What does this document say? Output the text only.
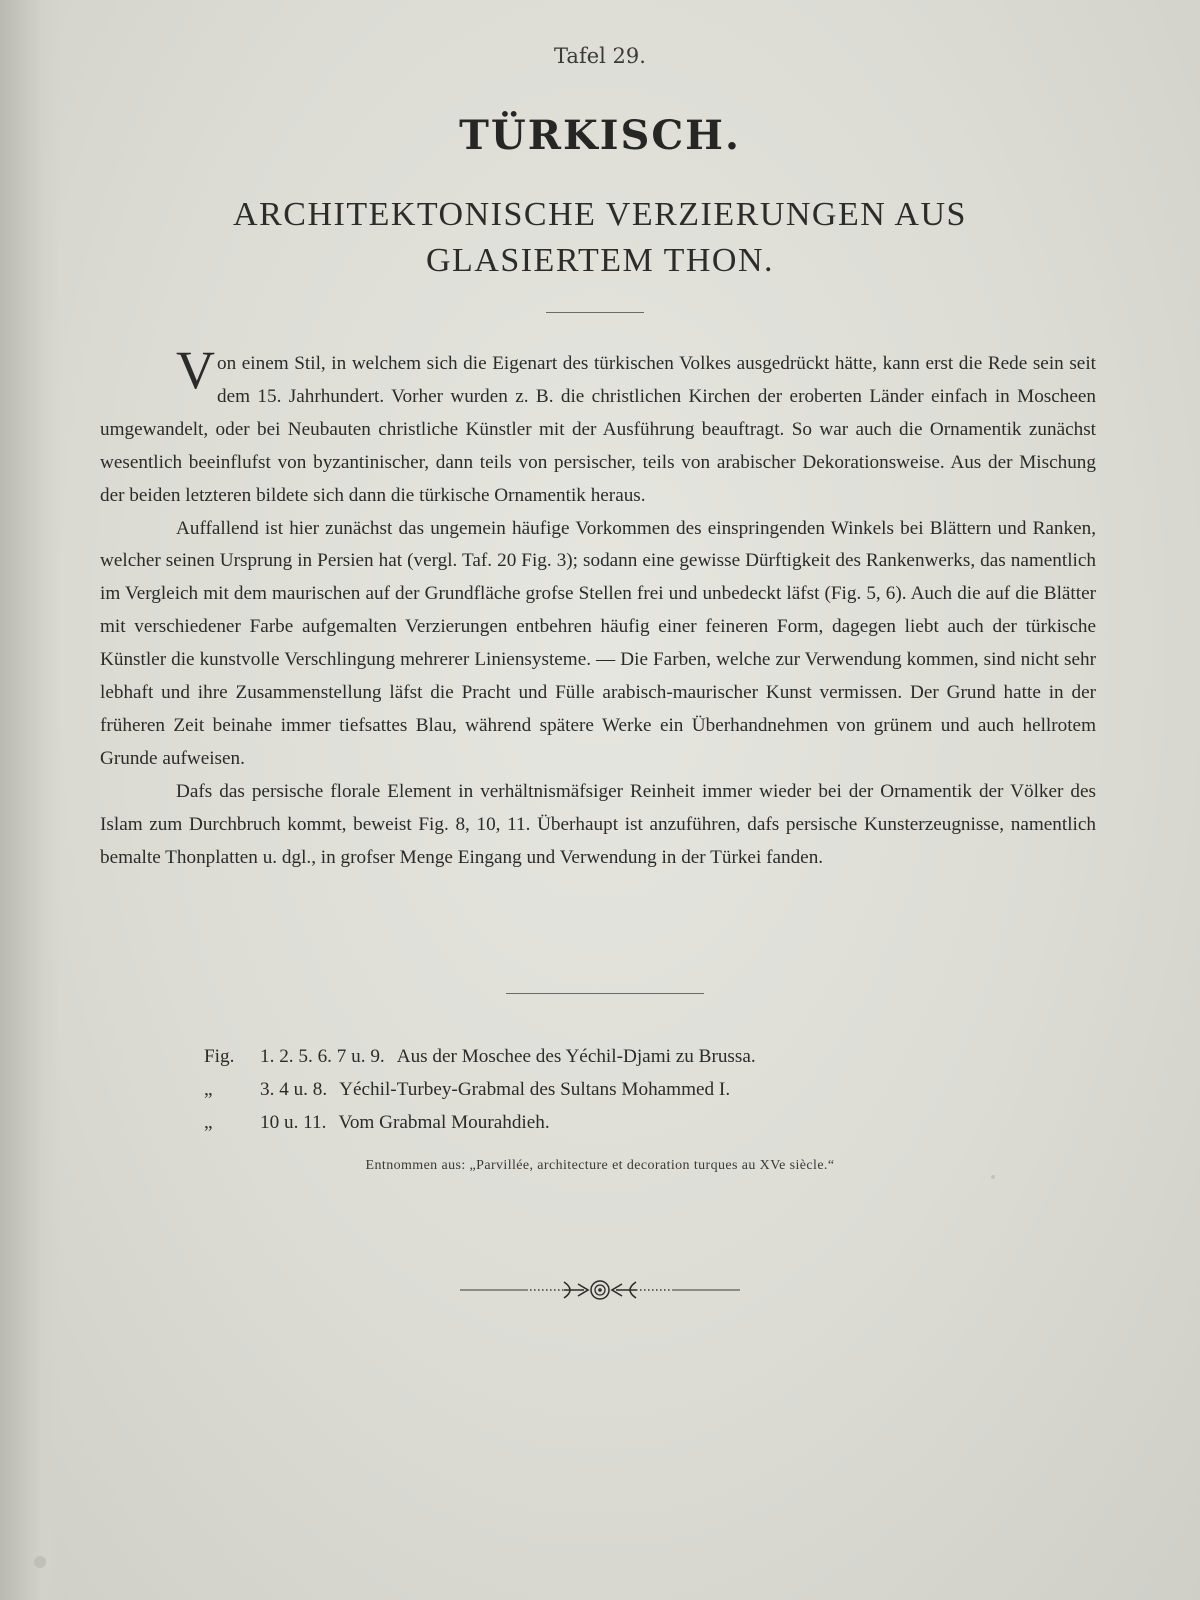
Tafel 29.
TÜRKISCH.
ARCHITEKTONISCHE VERZIERUNGEN AUS
GLASIERTEM THON.

Von einem Stil, in welchem sich die Eigenart des türkischen Volkes ausgedrückt hätte, kann erst die Rede sein seit dem 15. Jahrhundert. Vorher wurden z. B. die christlichen Kirchen der eroberten Länder einfach in Moscheen umgewandelt, oder bei Neubauten christliche Künstler mit der Ausführung beauftragt. So war auch die Ornamentik zunächst wesentlich beeinflufst von byzantinischer, dann teils von persischer, teils von arabischer Dekorationsweise. Aus der Mischung der beiden letzteren bildete sich dann die türkische Ornamentik heraus.

Auffallend ist hier zunächst das ungemein häufige Vorkommen des einspringenden Winkels bei Blättern und Ranken, welcher seinen Ursprung in Persien hat (vergl. Taf. 20 Fig. 3); sodann eine gewisse Dürftigkeit des Rankenwerks, das namentlich im Vergleich mit dem maurischen auf der Grundfläche grofse Stellen frei und unbedeckt läfst (Fig. 5, 6). Auch die auf die Blätter mit verschiedener Farbe aufgemalten Verzierungen entbehren häufig einer feineren Form, dagegen liebt auch der türkische Künstler die kunstvolle Verschlingung mehrerer Liniensysteme. — Die Farben, welche zur Verwendung kommen, sind nicht sehr lebhaft und ihre Zusammenstellung läfst die Pracht und Fülle arabisch-maurischer Kunst vermissen. Der Grund hatte in der früheren Zeit beinahe immer tiefsattes Blau, während spätere Werke ein Überhandnehmen von grünem und auch hellrotem Grunde aufweisen.

Dafs das persische florale Element in verhältnismäfsiger Reinheit immer wieder bei der Ornamentik der Völker des Islam zum Durchbruch kommt, beweist Fig. 8, 10, 11. Überhaupt ist anzuführen, dafs persische Kunsterzeugnisse, namentlich bemalte Thonplatten u. dgl., in grofser Menge Eingang und Verwendung in der Türkei fanden.

Fig.	1. 2. 5. 6. 7 u. 9. Aus der Moschee des Yéchil-Djami zu Brussa.
„	3. 4 u. 8. Yéchil-Turbey-Grabmal des Sultans Mohammed I.
„	10 u. 11. Vom Grabmal Mourahdieh.
Entnommen aus: „Parvillée, architecture et decoration turques au XVe siècle.“
